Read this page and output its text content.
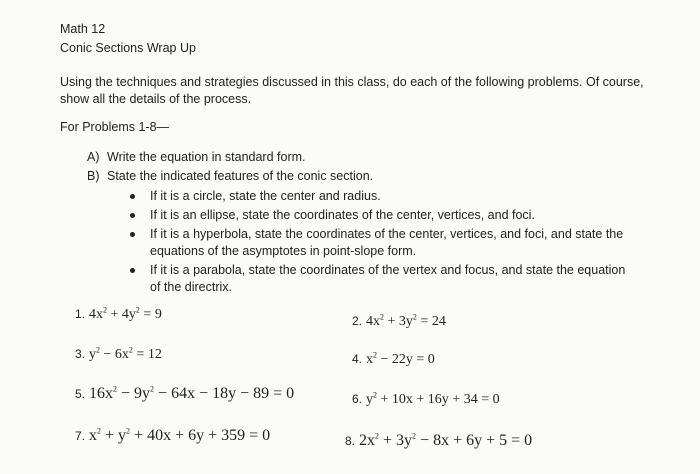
Math 12
Conic Sections Wrap Up
Using the techniques and strategies discussed in this class, do each of the following problems. Of course, show all the details of the process.
For Problems 1-8—
A) Write the equation in standard form.
B) State the indicated features of the conic section.
If it is a circle, state the center and radius.
If it is an ellipse, state the coordinates of the center, vertices, and foci.
If it is a hyperbola, state the coordinates of the center, vertices, and foci, and state the equations of the asymptotes in point-slope form.
If it is a parabola, state the coordinates of the vertex and focus, and state the equation of the directrix.
1. $4x^2 + 4y^2 = 9$	2. $4x^2 + 3y^2 = 24$
3. $y^2 - 6x^2 = 12$	4. $x^2 - 22y = 0$
5. $16x^2 - 9y^2 - 64x - 18y - 89 = 0$	6. $y^2 + 10x + 16y + 34 = 0$
7. $x^2 + y^2 + 40x + 6y + 359 = 0$	8. $2x^2 + 3y^2 - 8x + 6y + 5 = 0$
